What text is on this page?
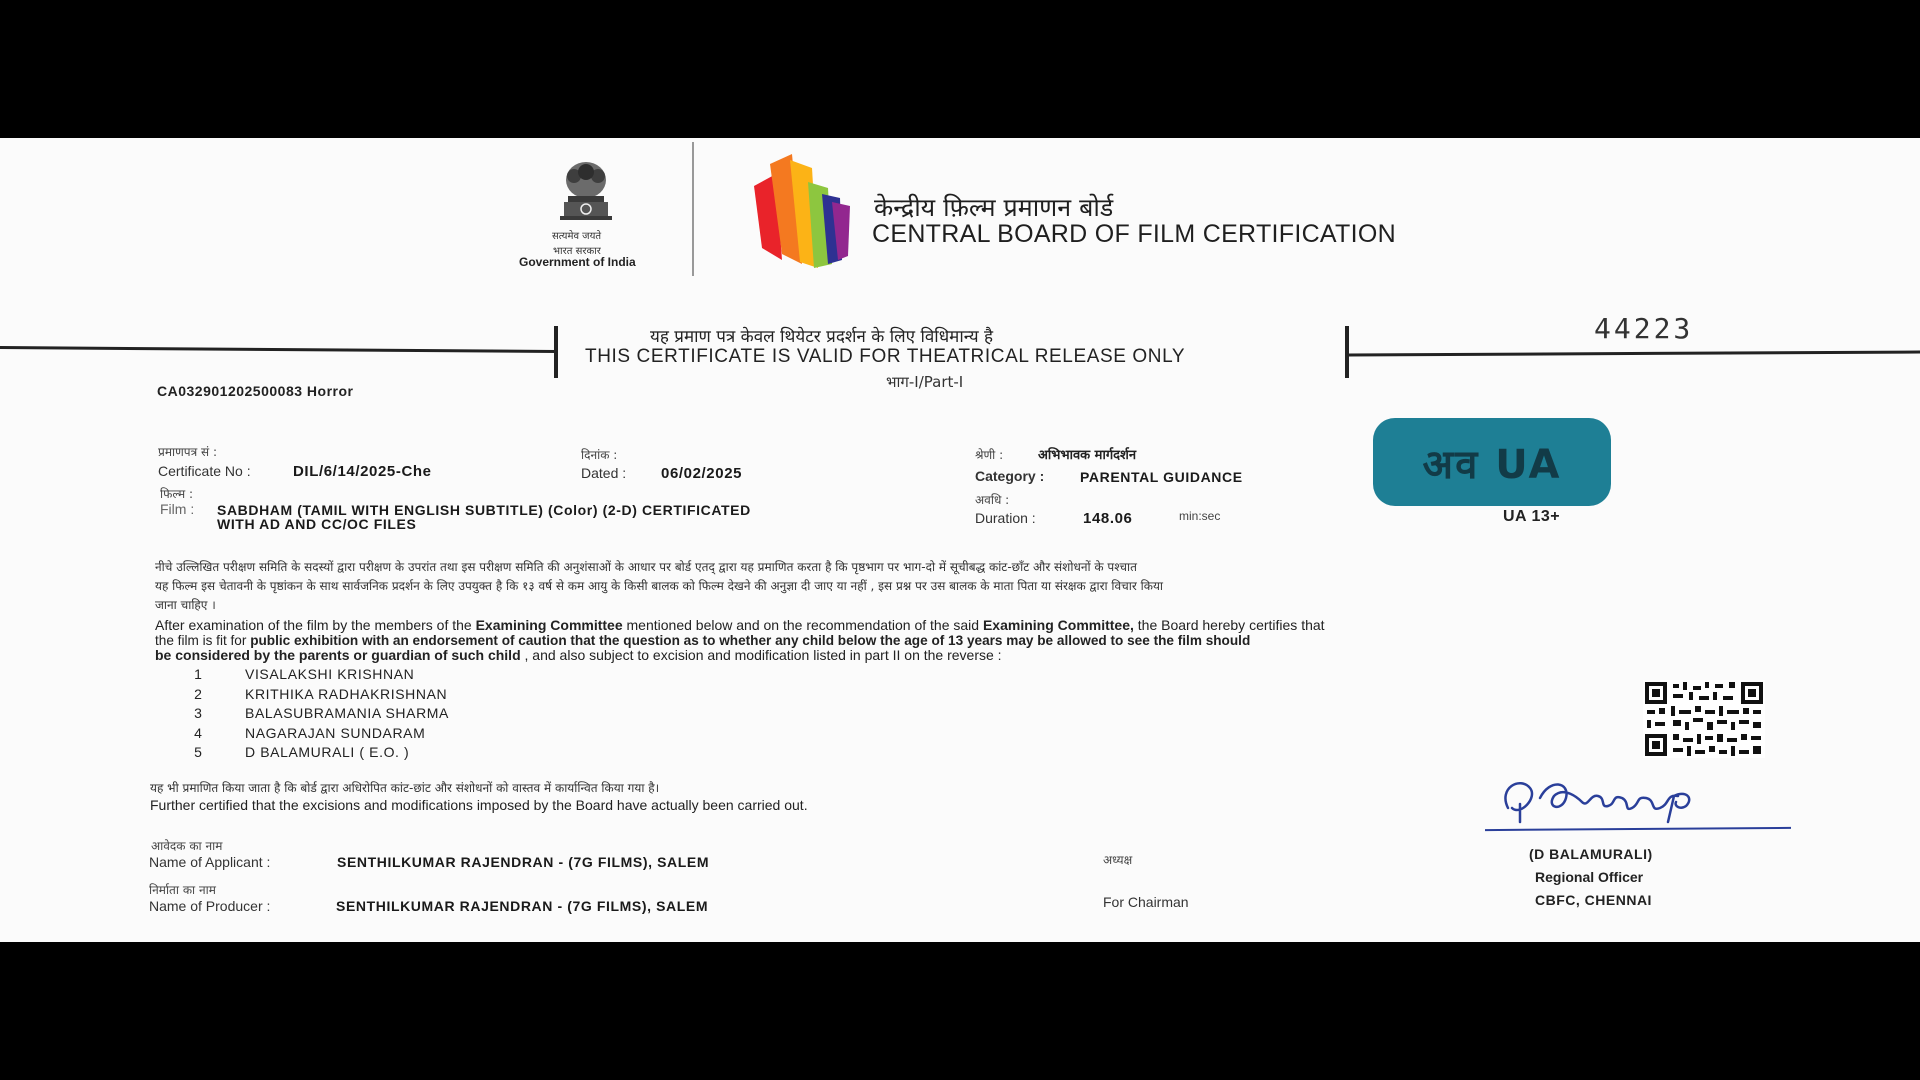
सत्यमेव जयते
भारत सरकार
Government of India
केन्द्रीय फ़िल्म प्रमाणन बोर्ड
CENTRAL BOARD OF FILM CERTIFICATION
44223
यह प्रमाण पत्र केवल थियेटर प्रदर्शन के लिए विधिमान्य है
THIS CERTIFICATE IS VALID FOR THEATRICAL RELEASE ONLY
भाग-I/Part-I
CA032901202500083 Horror
प्रमाणपत्र सं :
Certificate No :	DIL/6/14/2025-Che
दिनांक :
Dated : 06/02/2025
श्रेणी :	अभिभावक मार्गदर्शन
Category :	PARENTAL GUIDANCE
अवधि :
Duration :	148.06	min:sec
फिल्म :
Film : SABDHAM (TAMIL WITH ENGLISH SUBTITLE) (Color) (2-D) CERTIFICATED
WITH AD AND CC/OC FILES
अव UA
UA 13+
नीचे उल्लिखित परीक्षण समिति के सदस्यों द्वारा परीक्षण के उपरांत तथा इस परीक्षण समिति की अनुशंसाओं के आधार पर बोर्ड एतद् द्वारा यह प्रमाणित करता है कि पृष्ठभाग पर भाग-दो में सूचीबद्ध कांट-छाँट और संशोधनों के पश्चात
यह फिल्म इस चेतावनी के पृष्ठांकन के साथ सार्वजनिक प्रदर्शन के लिए उपयुक्त है कि १३ वर्ष से कम आयु के किसी बालक को फिल्म देखने की अनुज्ञा दी जाए या नहीं , इस प्रश्न पर उस बालक के माता पिता या संरक्षक द्वारा विचार किया
जाना चाहिए ।
After examination of the film by the members of the Examining Committee mentioned below and on the recommendation of the said Examining Committee, the Board hereby certifies that
the film is fit for public exhibition with an endorsement of caution that the question as to whether any child below the age of 13 years may be allowed to see the film should
be considered by the parents or guardian of such child , and also subject to excision and modification listed in part II on the reverse :
1	VISALAKSHI KRISHNAN
2	KRITHIKA RADHAKRISHNAN
3	BALASUBRAMANIA SHARMA
4	NAGARAJAN SUNDARAM
5	D BALAMURALI ( E.O. )
यह भी प्रमाणित किया जाता है कि बोर्ड द्वारा अधिरोपित कांट-छांट और संशोधनों को वास्तव में कार्यान्वित किया गया है।
Further certified that the excisions and modifications imposed by the Board have actually been carried out.
(D BALAMURALI)
Regional Officer
CBFC, CHENNAI
आवेदक का नाम
Name of Applicant :	SENTHILKUMAR RAJENDRAN - (7G FILMS), SALEM
निर्माता का नाम
Name of Producer :	SENTHILKUMAR RAJENDRAN - (7G FILMS), SALEM
अध्यक्ष
For Chairman
